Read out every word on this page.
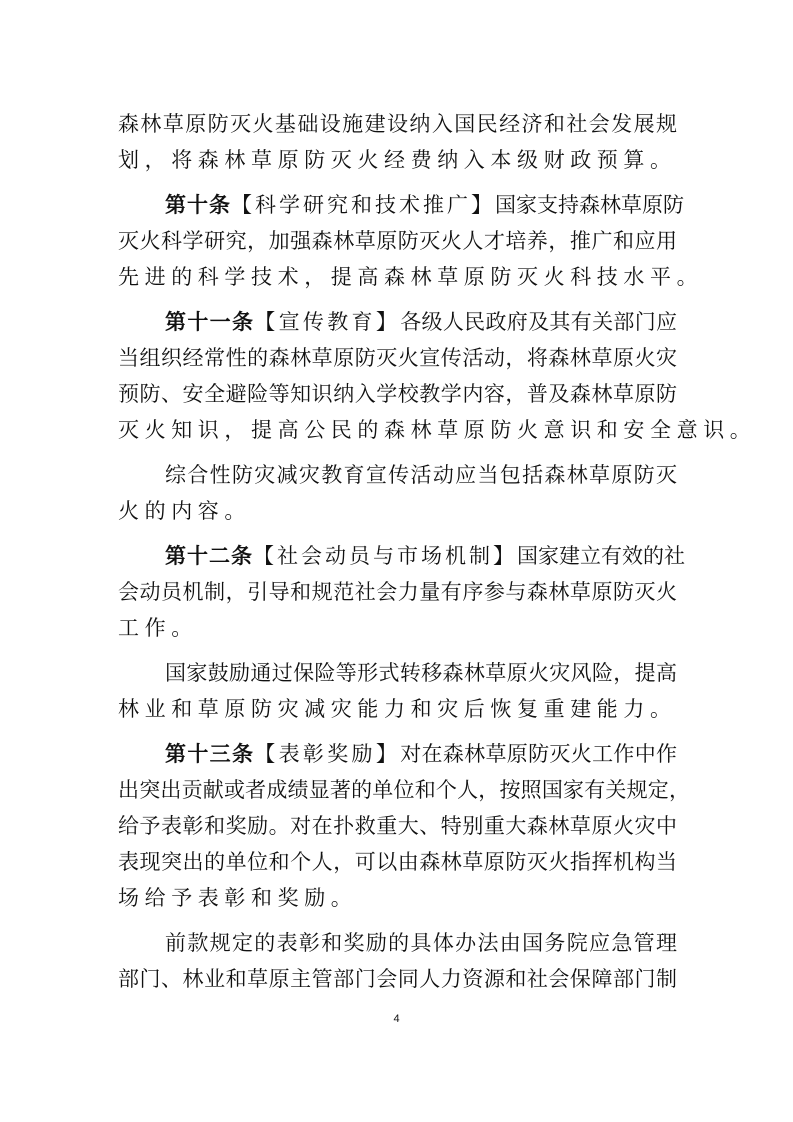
森林草原防灭火基础设施建设纳入国民经济和社会发展规
划，将森林草原防灭火经费纳入本级财政预算。
第十条【科学研究和技术推广】国家支持森林草原防
灭火科学研究，加强森林草原防灭火人才培养，推广和应用
先进的科学技术，提高森林草原防灭火科技水平。
第十一条【宣传教育】各级人民政府及其有关部门应
当组织经常性的森林草原防灭火宣传活动，将森林草原火灾
预防、安全避险等知识纳入学校教学内容，普及森林草原防
灭火知识，提高公民的森林草原防火意识和安全意识。
综合性防灾减灾教育宣传活动应当包括森林草原防灭
火的内容。
第十二条【社会动员与市场机制】国家建立有效的社
会动员机制，引导和规范社会力量有序参与森林草原防灭火
工作。
国家鼓励通过保险等形式转移森林草原火灾风险，提高
林业和草原防灾减灾能力和灾后恢复重建能力。
第十三条【表彰奖励】对在森林草原防灭火工作中作
出突出贡献或者成绩显著的单位和个人，按照国家有关规定，
给予表彰和奖励。对在扑救重大、特别重大森林草原火灾中
表现突出的单位和个人，可以由森林草原防灭火指挥机构当
场给予表彰和奖励。
前款规定的表彰和奖励的具体办法由国务院应急管理
部门、林业和草原主管部门会同人力资源和社会保障部门制
4
